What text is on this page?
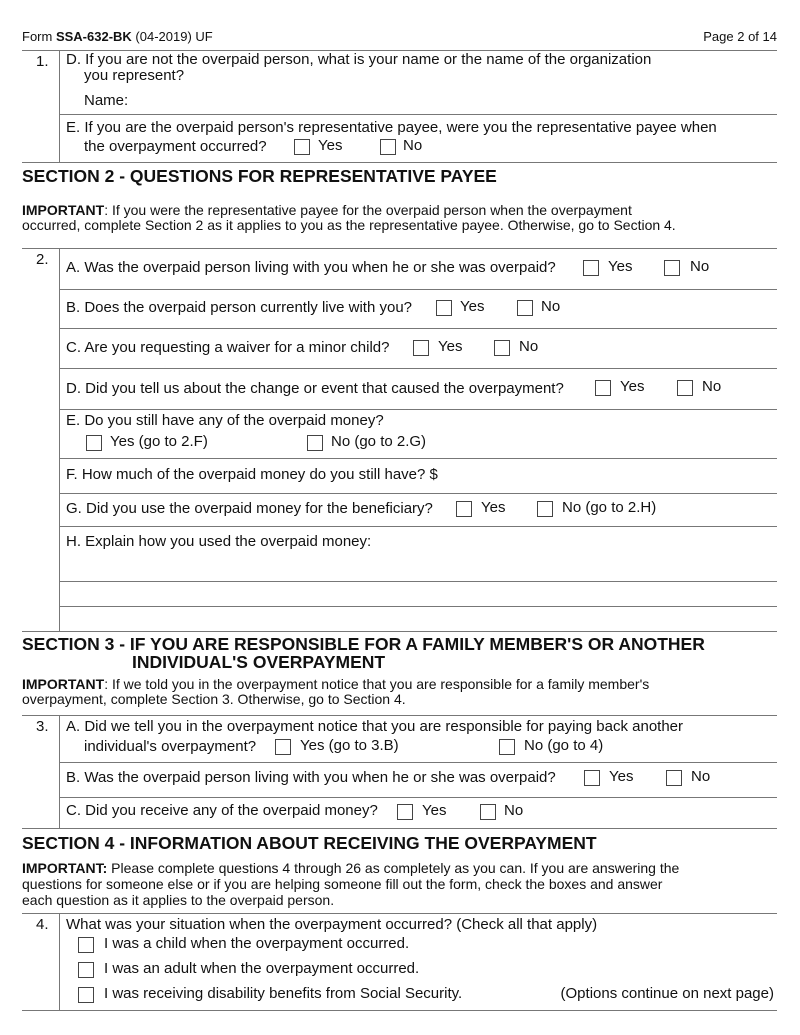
Form SSA-632-BK (04-2019) UF	Page 2 of 14
1. D. If you are not the overpaid person, what is your name or the name of the organization
you represent?
Name:
E. If you are the overpaid person's representative payee, were you the representative payee when
the overpayment occurred?	Yes	No
SECTION 2 - QUESTIONS FOR REPRESENTATIVE PAYEE
IMPORTANT: If you were the representative payee for the overpaid person when the overpayment
occurred, complete Section 2 as it applies to you as the representative payee. Otherwise, go to Section 4.
2. A. Was the overpaid person living with you when he or she was overpaid?	Yes	No
B. Does the overpaid person currently live with you?	Yes	No
C. Are you requesting a waiver for a minor child?	Yes	No
D. Did you tell us about the change or event that caused the overpayment?	Yes	No
E. Do you still have any of the overpaid money?
Yes (go to 2.F)	No (go to 2.G)
F. How much of the overpaid money do you still have? $
G. Did you use the overpaid money for the beneficiary?	Yes	No (go to 2.H)
H. Explain how you used the overpaid money:
SECTION 3 - IF YOU ARE RESPONSIBLE FOR A FAMILY MEMBER'S OR ANOTHER
INDIVIDUAL'S OVERPAYMENT
IMPORTANT: If we told you in the overpayment notice that you are responsible for a family member's
overpayment, complete Section 3. Otherwise, go to Section 4.
3. A. Did we tell you in the overpayment notice that you are responsible for paying back another
individual's overpayment?	Yes (go to 3.B)	No (go to 4)
B. Was the overpaid person living with you when he or she was overpaid?	Yes	No
C. Did you receive any of the overpaid money?	Yes	No
SECTION 4 - INFORMATION ABOUT RECEIVING THE OVERPAYMENT
IMPORTANT: Please complete questions 4 through 26 as completely as you can. If you are answering the
questions for someone else or if you are helping someone fill out the form, check the boxes and answer
each question as it applies to the overpaid person.
4. What was your situation when the overpayment occurred? (Check all that apply)
I was a child when the overpayment occurred.
I was an adult when the overpayment occurred.
I was receiving disability benefits from Social Security.	(Options continue on next page)
